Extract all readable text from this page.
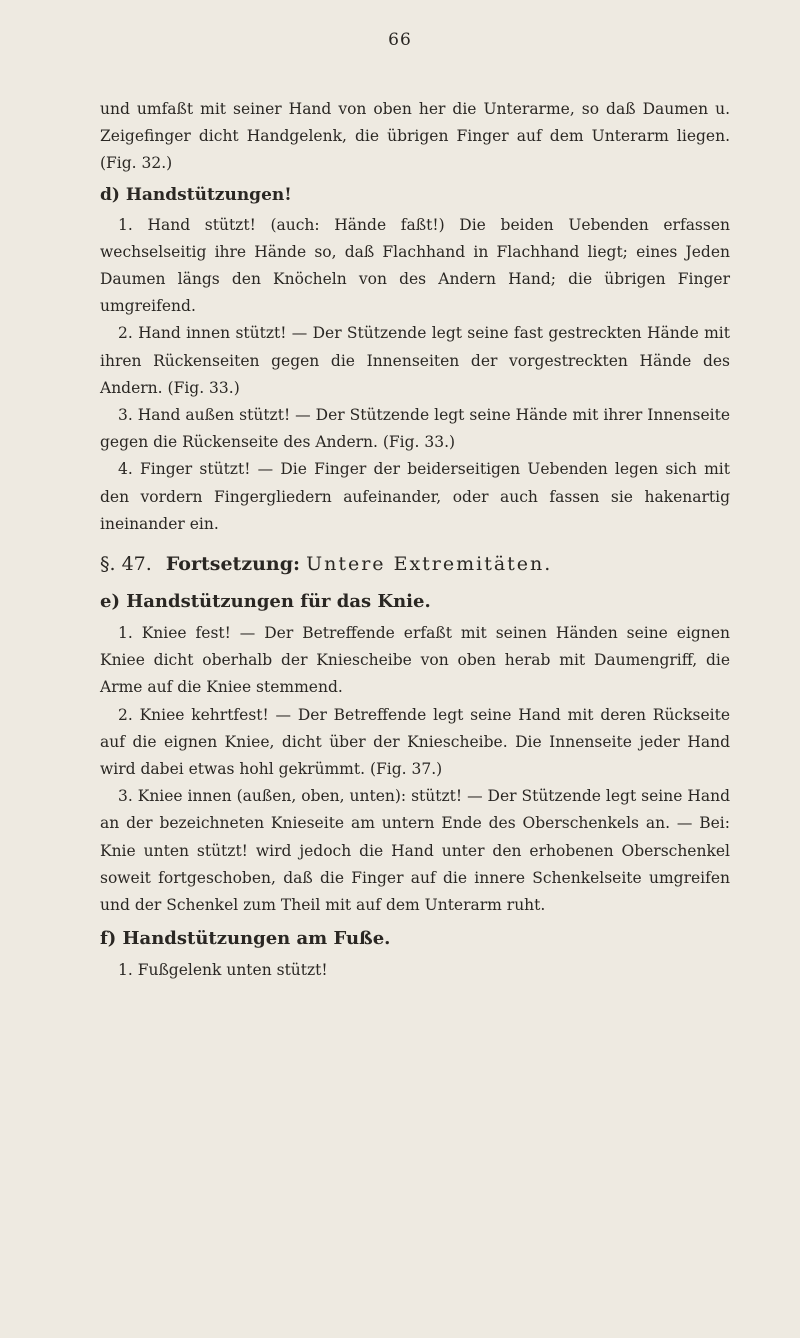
66

und umfaßt mit seiner Hand von oben her die Unterarme, so daß Daumen u. Zeigefinger dicht Handgelenk, die übrigen Finger auf dem Unterarm liegen. (Fig. 32.)

d) Handstützungen!

1. Hand stützt! (auch: Hände faßt!) Die beiden Uebenden erfassen wechselseitig ihre Hände so, daß Flachhand in Flachhand liegt; eines Jeden Daumen längs den Knöcheln von des Andern Hand; die übrigen Finger umgreifend.

2. Hand innen stützt! — Der Stützende legt seine fast gestreckten Hände mit ihren Rückenseiten gegen die Innenseiten der vorgestreckten Hände des Andern. (Fig. 33.)

3. Hand außen stützt! — Der Stützende legt seine Hände mit ihrer Innenseite gegen die Rückenseite des Andern. (Fig. 33.)

4. Finger stützt! — Die Finger der beiderseitigen Uebenden legen sich mit den vordern Fingergliedern aufeinander, oder auch fassen sie hakenartig ineinander ein.

§. 47. Fortsetzung: Untere Extremitäten.

e) Handstützungen für das Knie.

1. Kniee fest! — Der Betreffende erfaßt mit seinen Händen seine eignen Kniee dicht oberhalb der Kniescheibe von oben herab mit Daumengriff, die Arme auf die Kniee stemmend.

2. Kniee kehrtfest! — Der Betreffende legt seine Hand mit deren Rückseite auf die eignen Kniee, dicht über der Kniescheibe. Die Innenseite jeder Hand wird dabei etwas hohl gekrümmt. (Fig. 37.)

3. Kniee innen (außen, oben, unten): stützt! — Der Stützende legt seine Hand an der bezeichneten Knieseite am untern Ende des Oberschenkels an. — Bei: Knie unten stützt! wird jedoch die Hand unter den erhobenen Oberschenkel soweit fortgeschoben, daß die Finger auf die innere Schenkelseite umgreifen und der Schenkel zum Theil mit auf dem Unterarm ruht.

f) Handstützungen am Fuße.

1. Fußgelenk unten stützt!
